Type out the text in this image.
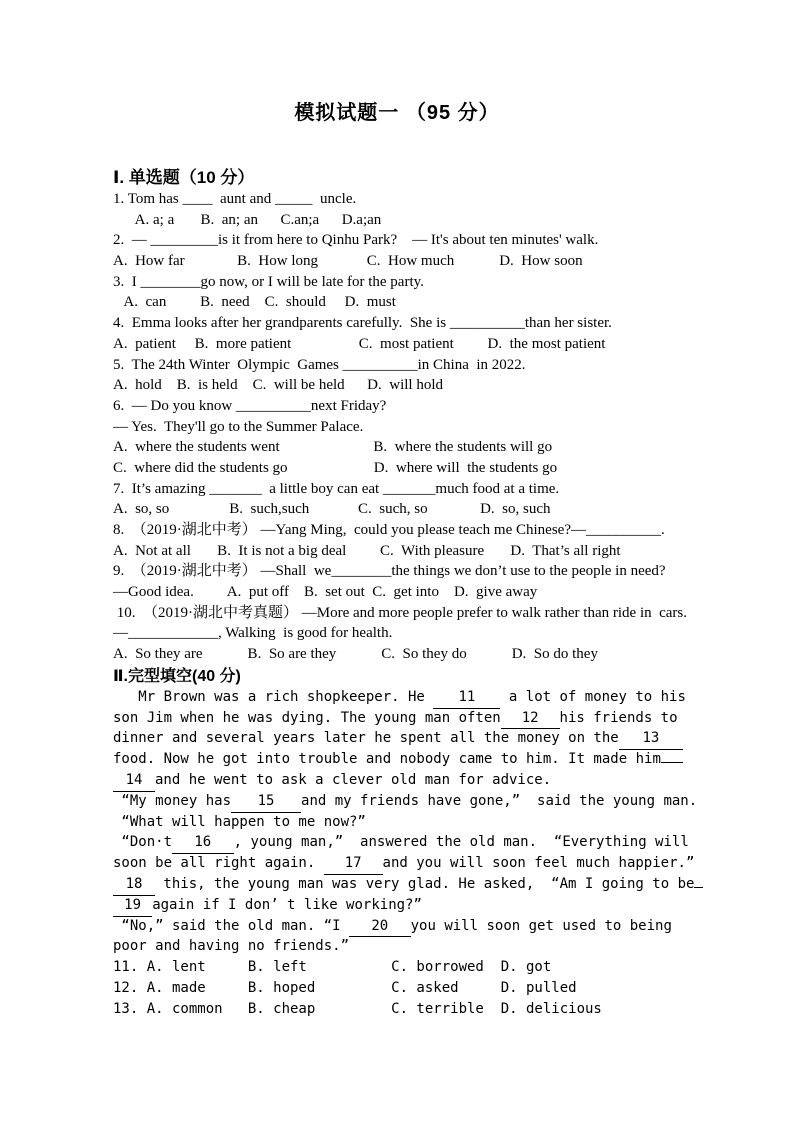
模拟试题一 （95 分）
Ⅰ. 单选题（10 分）
1. Tom has ____  aunt and _____  uncle.
A. a; a       B.  an; an      C.an;a      D.a;an
2.  — _________is it from here to Qinhu Park?    — It's about ten minutes' walk.
A.  How far              B.  How long             C.  How much            D.  How soon
3.  I ________go now, or I will be late for the party.
A.  can         B.  need    C.  should     D.  must
4.  Emma looks after her grandparents carefully.  She is __________than her sister.
A.  patient     B.  more patient                  C.  most patient         D.  the most patient
5.  The 24th Winter  Olympic  Games __________in China  in 2022.
A.  hold    B.  is held    C.  will be held      D.  will hold
6.  — Do you know __________next Friday?
— Yes.  They'll go to the Summer Palace.
A.  where the students went                         B.  where the students will go
C.  where did the students go                       D.  where will  the students go
7.  It’s amazing _______  a little boy can eat _______much food at a time.
A.  so, so                B.  such,such             C.  such, so              D.  so, such
8.  （2019·湖北中考） —Yang Ming,  could you please teach me Chinese?—__________.
A.  Not at all       B.  It is not a big deal         C.  With pleasure       D.  That’s all right
9.  （2019·湖北中考） —Shall  we________the things we don’t use to the people in need?
—Good idea.         A.  put off    B.  set out  C.  get into    D.  give away
10.  （2019·湖北中考真题） —More and more people prefer to walk rather than ride in  cars.
—____________, Walking  is good for health.
A.  So they are            B.  So are they            C.  So they do            D.  So do they
Ⅱ.完型填空(40 分)
Mr Brown was a rich shopkeeper. He 11 a lot of money to his
son Jim when he was dying. The young man often 12 his friends to
dinner and several years later he spent all the money on the 13
food. Now he got into trouble and nobody came to him. It made him
14 and he went to ask a clever old man for advice.
“My money has 15 and my friends have gone,”  said the young man.
“What will happen to me now?”
“Don·t 16 , young man,”  answered the old man.  “Everything will
soon be all right again. 17 and you will soon feel much happier.”
18 this, the young man was very glad. He asked,  “Am I going to be
19 again if I don’ t like working?”
“No,” said the old man. “I 20 you will soon get used to being
poor and having no friends.”
11. A. lent     B. left          C. borrowed  D. got
12. A. made     B. hoped         C. asked     D. pulled
13. A. common   B. cheap         C. terrible  D. delicious
